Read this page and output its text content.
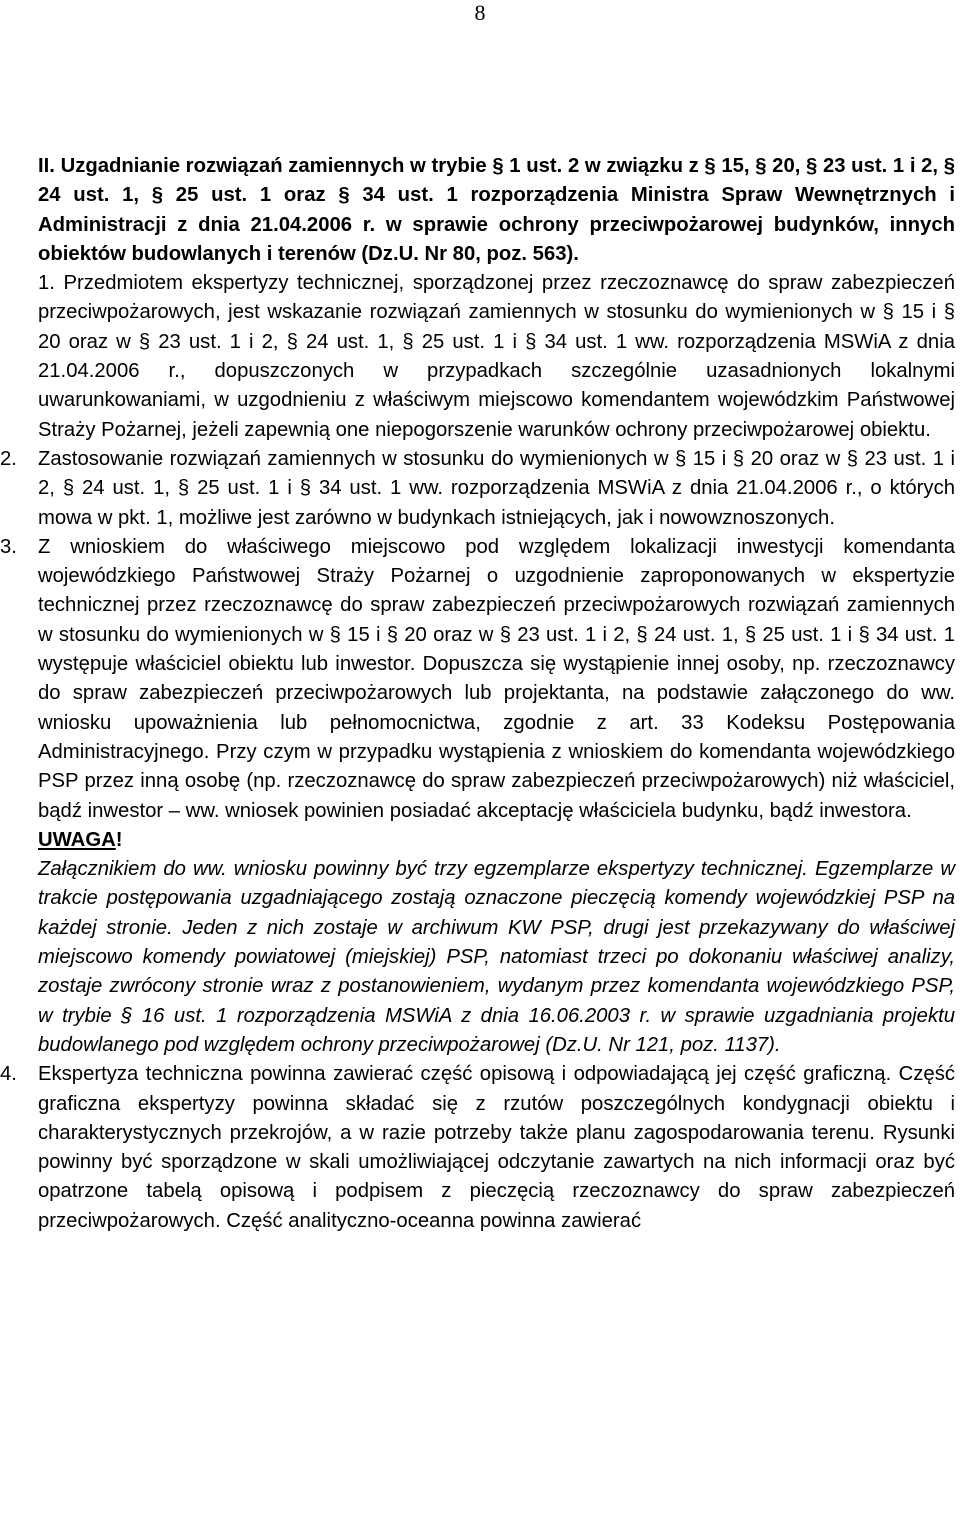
8

II. Uzgadnianie rozwiązań zamiennych w trybie § 1 ust. 2 w związku z § 15, § 20, § 23 ust. 1 i 2, § 24 ust. 1, § 25 ust. 1 oraz § 34 ust. 1 rozporządzenia Ministra Spraw Wewnętrznych i Administracji z dnia 21.04.2006 r. w sprawie ochrony przeciwpożarowej budynków, innych obiektów budowlanych i terenów (Dz.U. Nr 80, poz. 563).

1. Przedmiotem ekspertyzy technicznej, sporządzonej przez rzeczoznawcę do spraw zabezpieczeń przeciwpożarowych, jest wskazanie rozwiązań zamiennych w stosunku do wymienionych w § 15 i § 20 oraz w § 23 ust. 1 i 2, § 24 ust. 1, § 25 ust. 1 i § 34 ust. 1 ww. rozporządzenia MSWiA z dnia 21.04.2006 r., dopuszczonych w przypadkach szczególnie uzasadnionych lokalnymi uwarunkowaniami, w uzgodnieniu z właściwym miejscowo komendantem wojewódzkim Państwowej Straży Pożarnej, jeżeli zapewnią one niepogorszenie warunków ochrony przeciwpożarowej obiektu.

2. Zastosowanie rozwiązań zamiennych w stosunku do wymienionych w § 15 i § 20 oraz w § 23 ust. 1 i 2, § 24 ust. 1, § 25 ust. 1 i § 34 ust. 1 ww. rozporządzenia MSWiA z dnia 21.04.2006 r., o których mowa w pkt. 1, możliwe jest zarówno w budynkach istniejących, jak i nowowznoszonych.

3. Z wnioskiem do właściwego miejscowo pod względem lokalizacji inwestycji komendanta wojewódzkiego Państwowej Straży Pożarnej o uzgodnienie zaproponowanych w ekspertyzie technicznej przez rzeczoznawcę do spraw zabezpieczeń przeciwpożarowych rozwiązań zamiennych w stosunku do wymienionych w § 15 i § 20 oraz w § 23 ust. 1 i 2, § 24 ust. 1, § 25 ust. 1 i § 34 ust. 1 występuje właściciel obiektu lub inwestor. Dopuszcza się wystąpienie innej osoby, np. rzeczoznawcy do spraw zabezpieczeń przeciwpożarowych lub projektanta, na podstawie załączonego do ww. wniosku upoważnienia lub pełnomocnictwa, zgodnie z art. 33 Kodeksu Postępowania Administracyjnego. Przy czym w przypadku wystąpienia z wnioskiem do komendanta wojewódzkiego PSP przez inną osobę (np. rzeczoznawcę do spraw zabezpieczeń przeciwpożarowych) niż właściciel, bądź inwestor – ww. wniosek powinien posiadać akceptację właściciela budynku, bądź inwestora.

UWAGA!

Załącznikiem do ww. wniosku powinny być trzy egzemplarze ekspertyzy technicznej. Egzemplarze w trakcie postępowania uzgadniającego zostają oznaczone pieczęcią komendy wojewódzkiej PSP na każdej stronie. Jeden z nich zostaje w archiwum KW PSP, drugi jest przekazywany do właściwej miejscowo komendy powiatowej (miejskiej) PSP, natomiast trzeci po dokonaniu właściwej analizy, zostaje zwrócony stronie wraz z postanowieniem, wydanym przez komendanta wojewódzkiego PSP, w trybie § 16 ust. 1 rozporządzenia MSWiA z dnia 16.06.2003 r. w sprawie uzgadniania projektu budowlanego pod względem ochrony przeciwpożarowej (Dz.U. Nr 121, poz. 1137).

4. Ekspertyza techniczna powinna zawierać część opisową i odpowiadającą jej część graficzną. Część graficzna ekspertyzy powinna składać się z rzutów poszczególnych kondygnacji obiektu i charakterystycznych przekrojów, a w razie potrzeby także planu zagospodarowania terenu. Rysunki powinny być sporządzone w skali umożliwiającej odczytanie zawartych na nich informacji oraz być opatrzone tabelą opisową i podpisem z pieczęcią rzeczoznawcy do spraw zabezpieczeń przeciwpożarowych. Część analityczno-oceanna powinna zawierać
